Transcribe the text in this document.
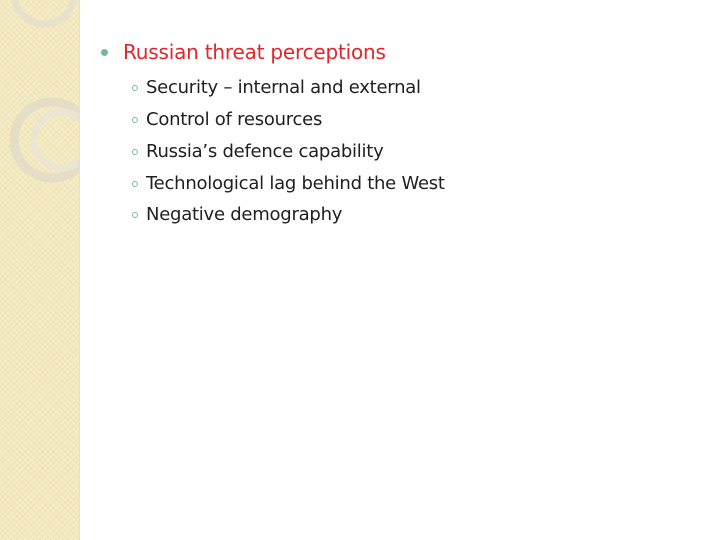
Russian threat perceptions
Security – internal and external
Control of resources
Russia’s defence capability
Technological lag behind the West
Negative demography
